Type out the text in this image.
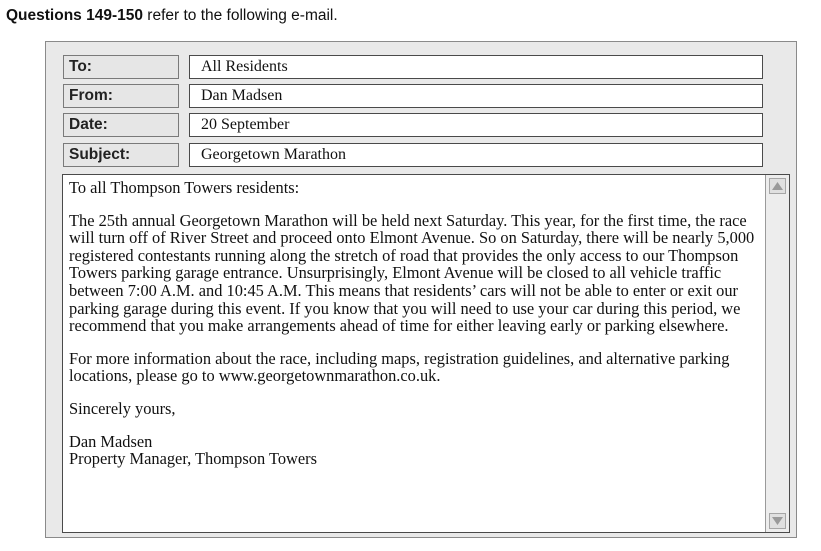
Questions 149-150 refer to the following e-mail.
To:	All Residents
From:	Dan Madsen
Date:	20 September
Subject:	Georgetown Marathon

To all Thompson Towers residents:

The 25th annual Georgetown Marathon will be held next Saturday. This year, for the first time, the race will turn off of River Street and proceed onto Elmont Avenue. So on Saturday, there will be nearly 5,000 registered contestants running along the stretch of road that provides the only access to our Thompson Towers parking garage entrance. Unsurprisingly, Elmont Avenue will be closed to all vehicle traffic between 7:00 A.M. and 10:45 A.M. This means that residents’ cars will not be able to enter or exit our parking garage during this event. If you know that you will need to use your car during this period, we recommend that you make arrangements ahead of time for either leaving early or parking elsewhere.

For more information about the race, including maps, registration guidelines, and alternative parking locations, please go to www.georgetownmarathon.co.uk.

Sincerely yours,

Dan Madsen

Property Manager, Thompson Towers
